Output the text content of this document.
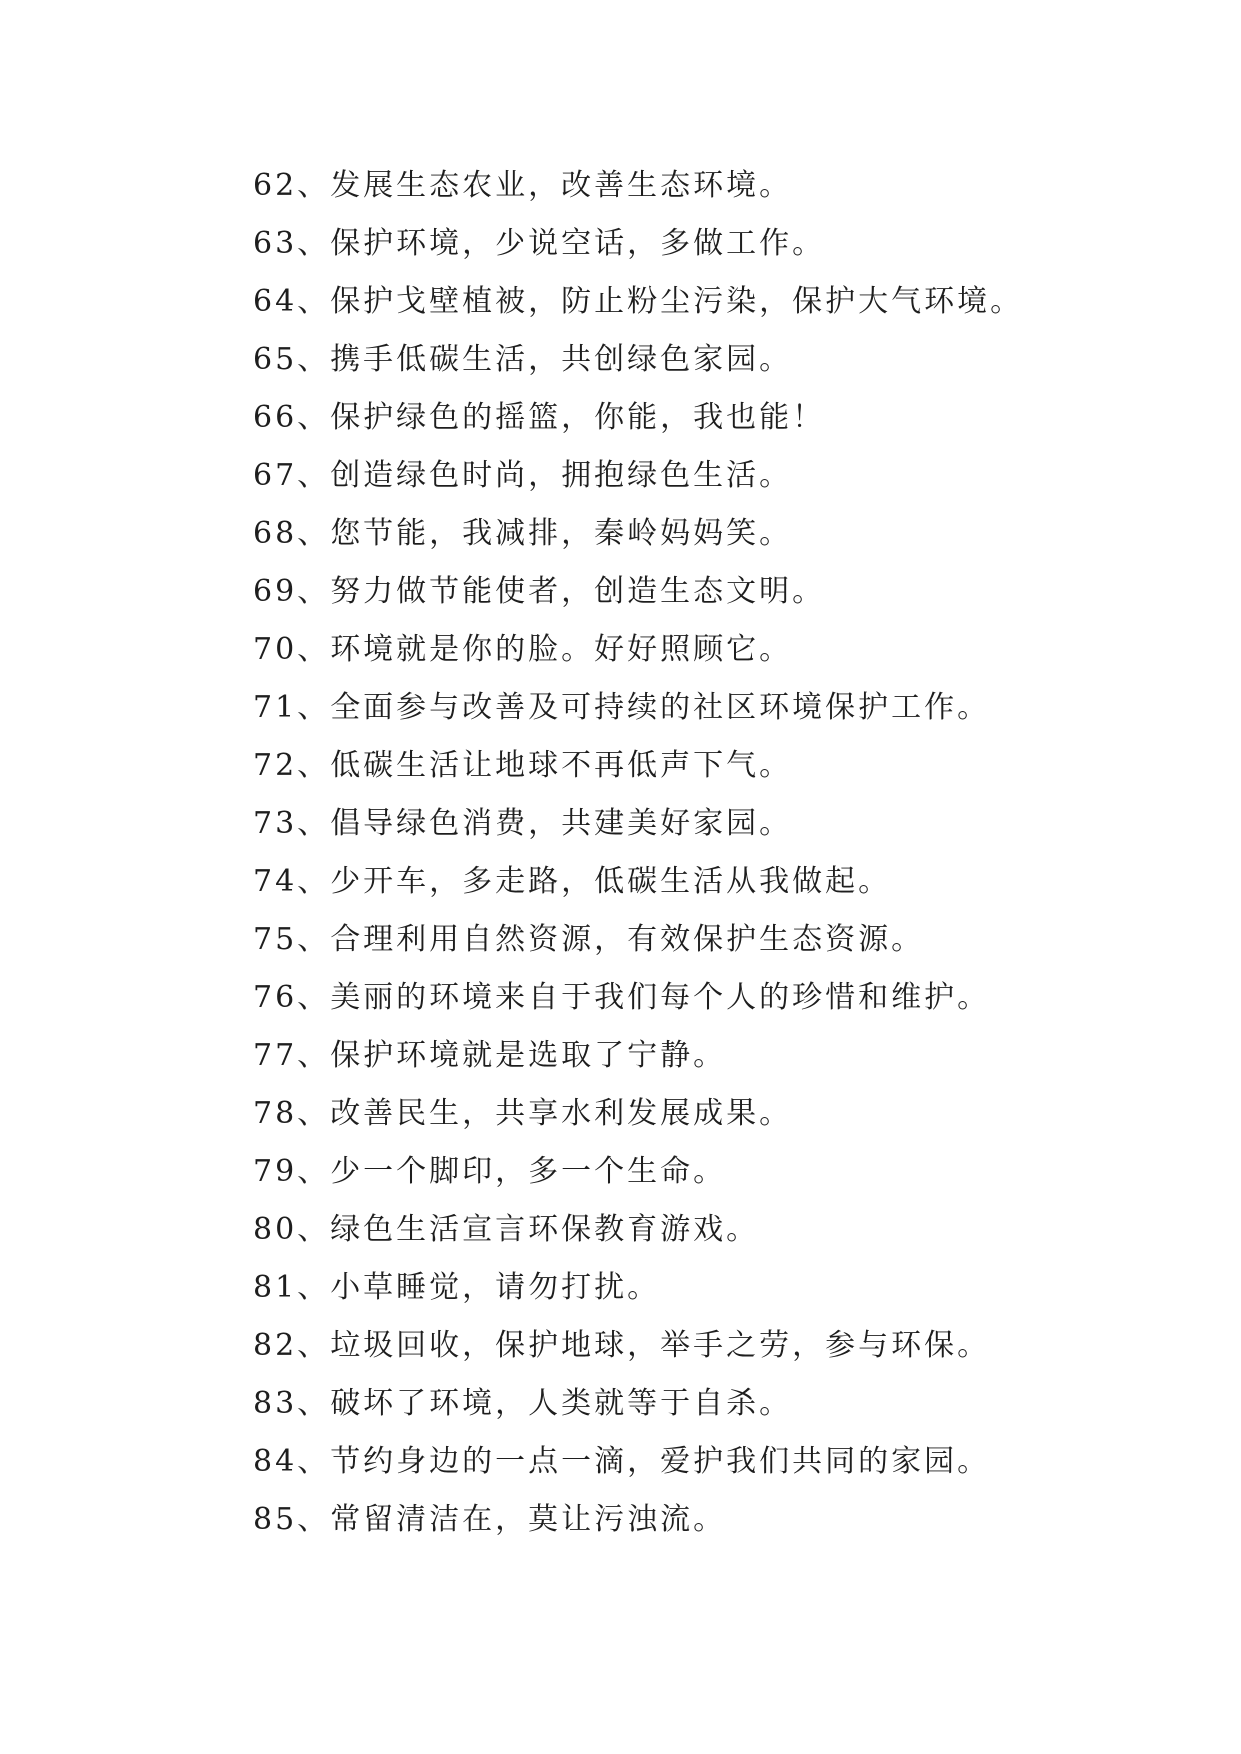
62、发展生态农业，改善生态环境。

63、保护环境，少说空话，多做工作。

64、保护戈壁植被，防止粉尘污染，保护大气环境。

65、携手低碳生活，共创绿色家园。

66、保护绿色的摇篮，你能，我也能！

67、创造绿色时尚，拥抱绿色生活。

68、您节能，我减排，秦岭妈妈笑。

69、努力做节能使者，创造生态文明。

70、环境就是你的脸。好好照顾它。

71、全面参与改善及可持续的社区环境保护工作。

72、低碳生活让地球不再低声下气。

73、倡导绿色消费，共建美好家园。

74、少开车，多走路，低碳生活从我做起。

75、合理利用自然资源，有效保护生态资源。

76、美丽的环境来自于我们每个人的珍惜和维护。

77、保护环境就是选取了宁静。

78、改善民生，共享水利发展成果。

79、少一个脚印，多一个生命。

80、绿色生活宣言环保教育游戏。

81、小草睡觉，请勿打扰。

82、垃圾回收，保护地球，举手之劳，参与环保。

83、破坏了环境，人类就等于自杀。

84、节约身边的一点一滴，爱护我们共同的家园。

85、常留清洁在，莫让污浊流。
